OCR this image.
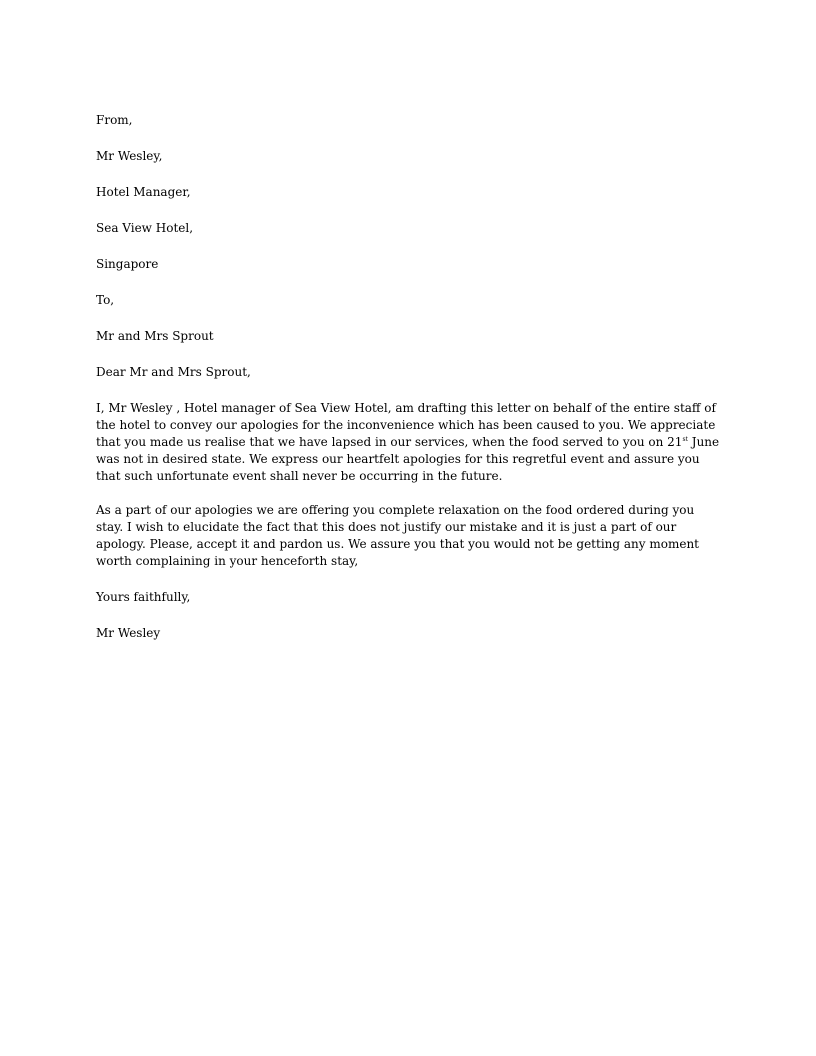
From,

Mr Wesley,

Hotel Manager,

Sea View Hotel,

Singapore

To,

Mr and Mrs Sprout

Dear Mr and Mrs Sprout,

I, Mr Wesley , Hotel manager of Sea View Hotel, am drafting this letter on behalf of the entire staff of the hotel to convey our apologies for the inconvenience which has been caused to you. We appreciate that you made us realise that we have lapsed in our services, when the food served to you on 21st June was not in desired state. We express our heartfelt apologies for this regretful event and assure you that such unfortunate event shall never be occurring in the future.

As a part of our apologies we are offering you complete relaxation on the food ordered during you stay. I wish to elucidate the fact that this does not justify our mistake and it is just a part of our apology. Please, accept it and pardon us. We assure you that you would not be getting any moment worth complaining in your henceforth stay,

Yours faithfully,

Mr Wesley
